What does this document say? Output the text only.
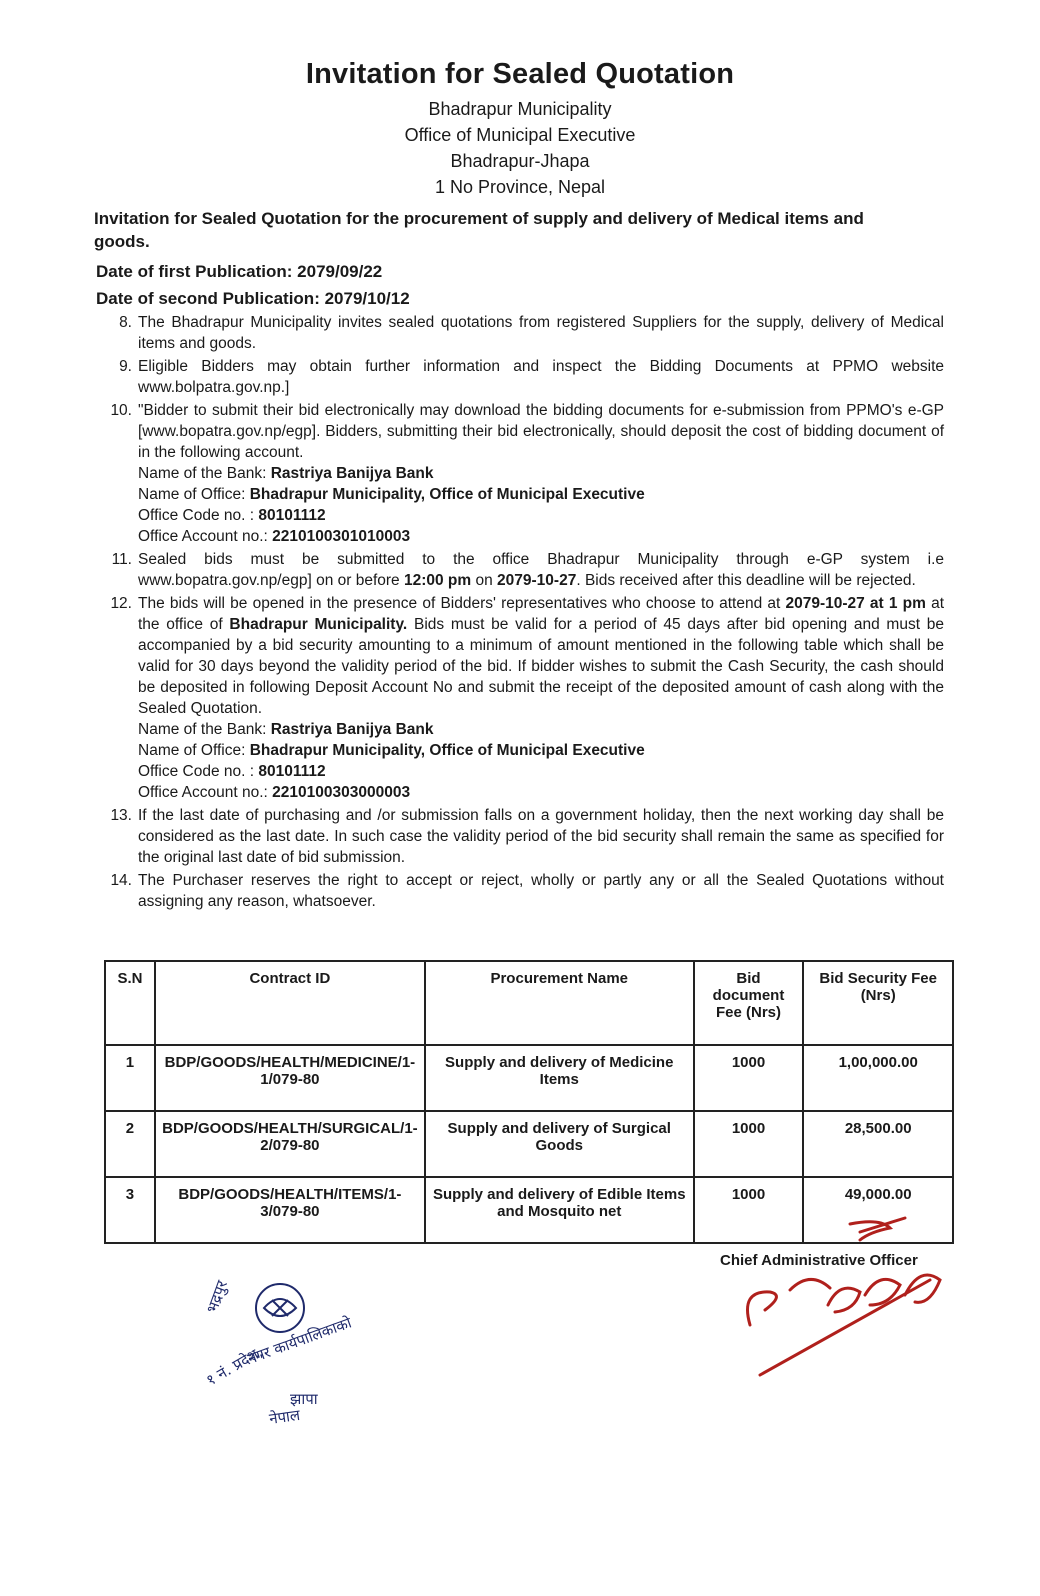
Invitation for Sealed Quotation
Bhadrapur Municipality
Office of Municipal Executive
Bhadrapur-Jhapa
1 No Province, Nepal
Invitation for Sealed Quotation for the procurement of supply and delivery of Medical items and goods.
Date of first Publication: 2079/09/22
Date of second Publication: 2079/10/12
8. The Bhadrapur Municipality invites sealed quotations from registered Suppliers for the supply, delivery of Medical items and goods.
9. Eligible Bidders may obtain further information and inspect the Bidding Documents at PPMO website www.bolpatra.gov.np.]
10. "Bidder to submit their bid electronically may download the bidding documents for e-submission from PPMO's e-GP [www.bopatra.gov.np/egp]. Bidders, submitting their bid electronically, should deposit the cost of bidding document of in the following account.
Name of the Bank: Rastriya Banijya Bank
Name of Office: Bhadrapur Municipality, Office of Municipal Executive
Office Code no. : 80101112
Office Account no.: 2210100301010003
11. Sealed bids must be submitted to the office Bhadrapur Municipality through e-GP system i.e www.bopatra.gov.np/egp] on or before 12:00 pm on 2079-10-27. Bids received after this deadline will be rejected.
12. The bids will be opened in the presence of Bidders' representatives who choose to attend at 2079-10-27 at 1 pm at the office of Bhadrapur Municipality. Bids must be valid for a period of 45 days after bid opening and must be accompanied by a bid security amounting to a minimum of amount mentioned in the following table which shall be valid for 30 days beyond the validity period of the bid. If bidder wishes to submit the Cash Security, the cash should be deposited in following Deposit Account No and submit the receipt of the deposited amount of cash along with the Sealed Quotation.
Name of the Bank: Rastriya Banijya Bank
Name of Office: Bhadrapur Municipality, Office of Municipal Executive
Office Code no. : 80101112
Office Account no.: 2210100303000003
13. If the last date of purchasing and /or submission falls on a government holiday, then the next working day shall be considered as the last date. In such case the validity period of the bid security shall remain the same as specified for the original last date of bid submission.
14. The Purchaser reserves the right to accept or reject, wholly or partly any or all the Sealed Quotations without assigning any reason, whatsoever.
S.N	Contract ID	Procurement Name	Bid document Fee (Nrs)	Bid Security Fee (Nrs)
1	BDP/GOODS/HEALTH/MEDICINE/1-1/079-80	Supply and delivery of Medicine Items	1000	1,00,000.00
2	BDP/GOODS/HEALTH/SURGICAL/1-2/079-80	Supply and delivery of Surgical Goods	1000	28,500.00
3	BDP/GOODS/HEALTH/ITEMS/1-3/079-80	Supply and delivery of Edible Items and Mosquito net	1000	49,000.00
भद्रपुर
नगर कार्यपालिकाको
१ नं. प्रदेश,
झापा
नेपाल
Chief Administrative Officer
